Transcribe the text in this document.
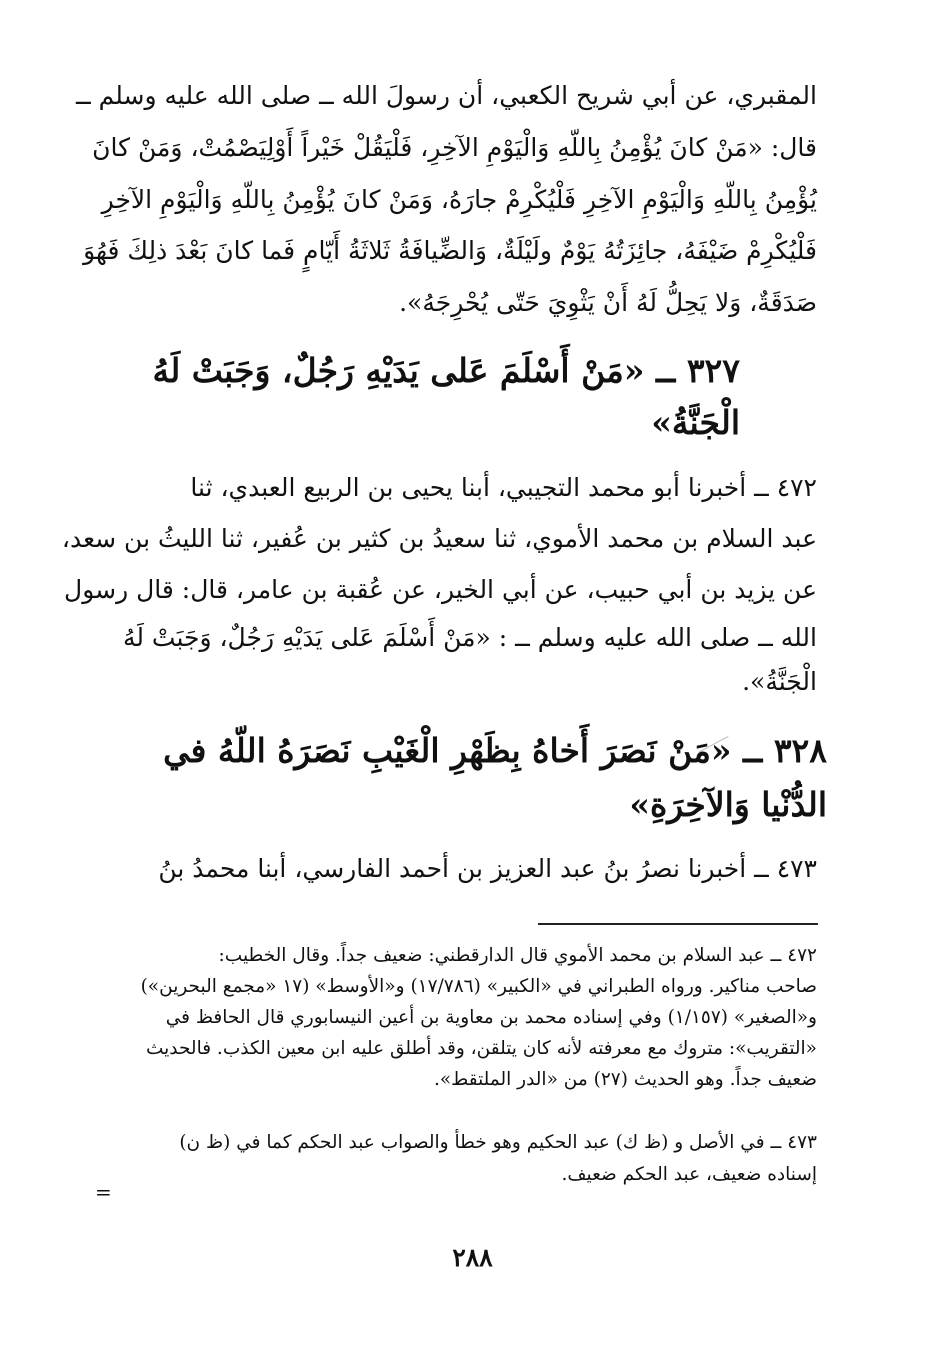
المقبري، عن أبي شريح الكعبي، أن رسولَ الله ــ صلى الله عليه وسلم ــ
قال: «مَنْ كانَ يُؤْمِنُ بِاللّهِ وَالْيَوْمِ الآخِرِ، فَلْيَقُلْ خَيْراً أَوْلِيَصْمُتْ، وَمَنْ كانَ
يُؤْمِنُ بِاللّهِ وَالْيَوْمِ الآخِرِ فَلْيُكْرِمْ جارَهُ، وَمَنْ كانَ يُؤْمِنُ بِاللّهِ وَالْيَوْمِ الآخِرِ
فَلْيُكْرِمْ ضَيْفَهُ، جائِزَتُهُ يَوْمٌ ولَيْلَةٌ، وَالضِّيافَةُ ثَلاثَةُ أَيّامٍ فَما كانَ بَعْدَ ذلِكَ فَهُوَ
صَدَقَةٌ، وَلا يَحِلُّ لَهُ أَنْ يَثْوِيَ حَتّى يُحْرِجَهُ».
٣٢٧ ــ «مَنْ أَسْلَمَ عَلى يَدَيْهِ رَجُلٌ، وَجَبَتْ لَهُ
الْجَنَّةُ»
٤٧٢ ــ أخبرنا أبو محمد التجيبي، أبنا يحيى بن الربيع العبدي، ثنا
عبد السلام بن محمد الأموي، ثنا سعيدُ بن كثير بن عُفير، ثنا الليثُ بن سعد،
عن يزيد بن أبي حبيب، عن أبي الخير، عن عُقبة بن عامر، قال: قال رسول
الله ــ صلى الله عليه وسلم ــ : «مَنْ أَسْلَمَ عَلى يَدَيْهِ رَجُلٌ، وَجَبَتْ لَهُ
الْجَنَّةُ».
٣٢٨ ــ «مَنْ نَصَرَ أَخاهُ بِظَهْرِ الْغَيْبِ نَصَرَهُ اللّهُ في
الدُّنْيا وَالآخِرَةِ»
٤٧٣ ــ أخبرنا نصرُ بنُ عبد العزيز بن أحمد الفارسي، أبنا محمدُ بنُ
٤٧٢ ــ عبد السلام بن محمد الأموي قال الدارقطني: ضعيف جداً. وقال الخطيب:
صاحب مناكير. ورواه الطبراني في «الكبير» (١٧/٧٨٦) و«الأوسط» (١٧ «مجمع البحرين»)
و«الصغير» (١/١٥٧) وفي إسناده محمد بن معاوية بن أعين النيسابوري قال الحافظ في
«التقريب»: متروك مع معرفته لأنه كان يتلقن، وقد أطلق عليه ابن معين الكذب. فالحديث
ضعيف جداً. وهو الحديث (٢٧) من «الدر الملتقط».
٤٧٣ ــ في الأصل و (ظ ك) عبد الحكيم وهو خطأ والصواب عبد الحكم كما في (ظ ن)
إسناده ضعيف، عبد الحكم ضعيف.
=
٢٨٨
